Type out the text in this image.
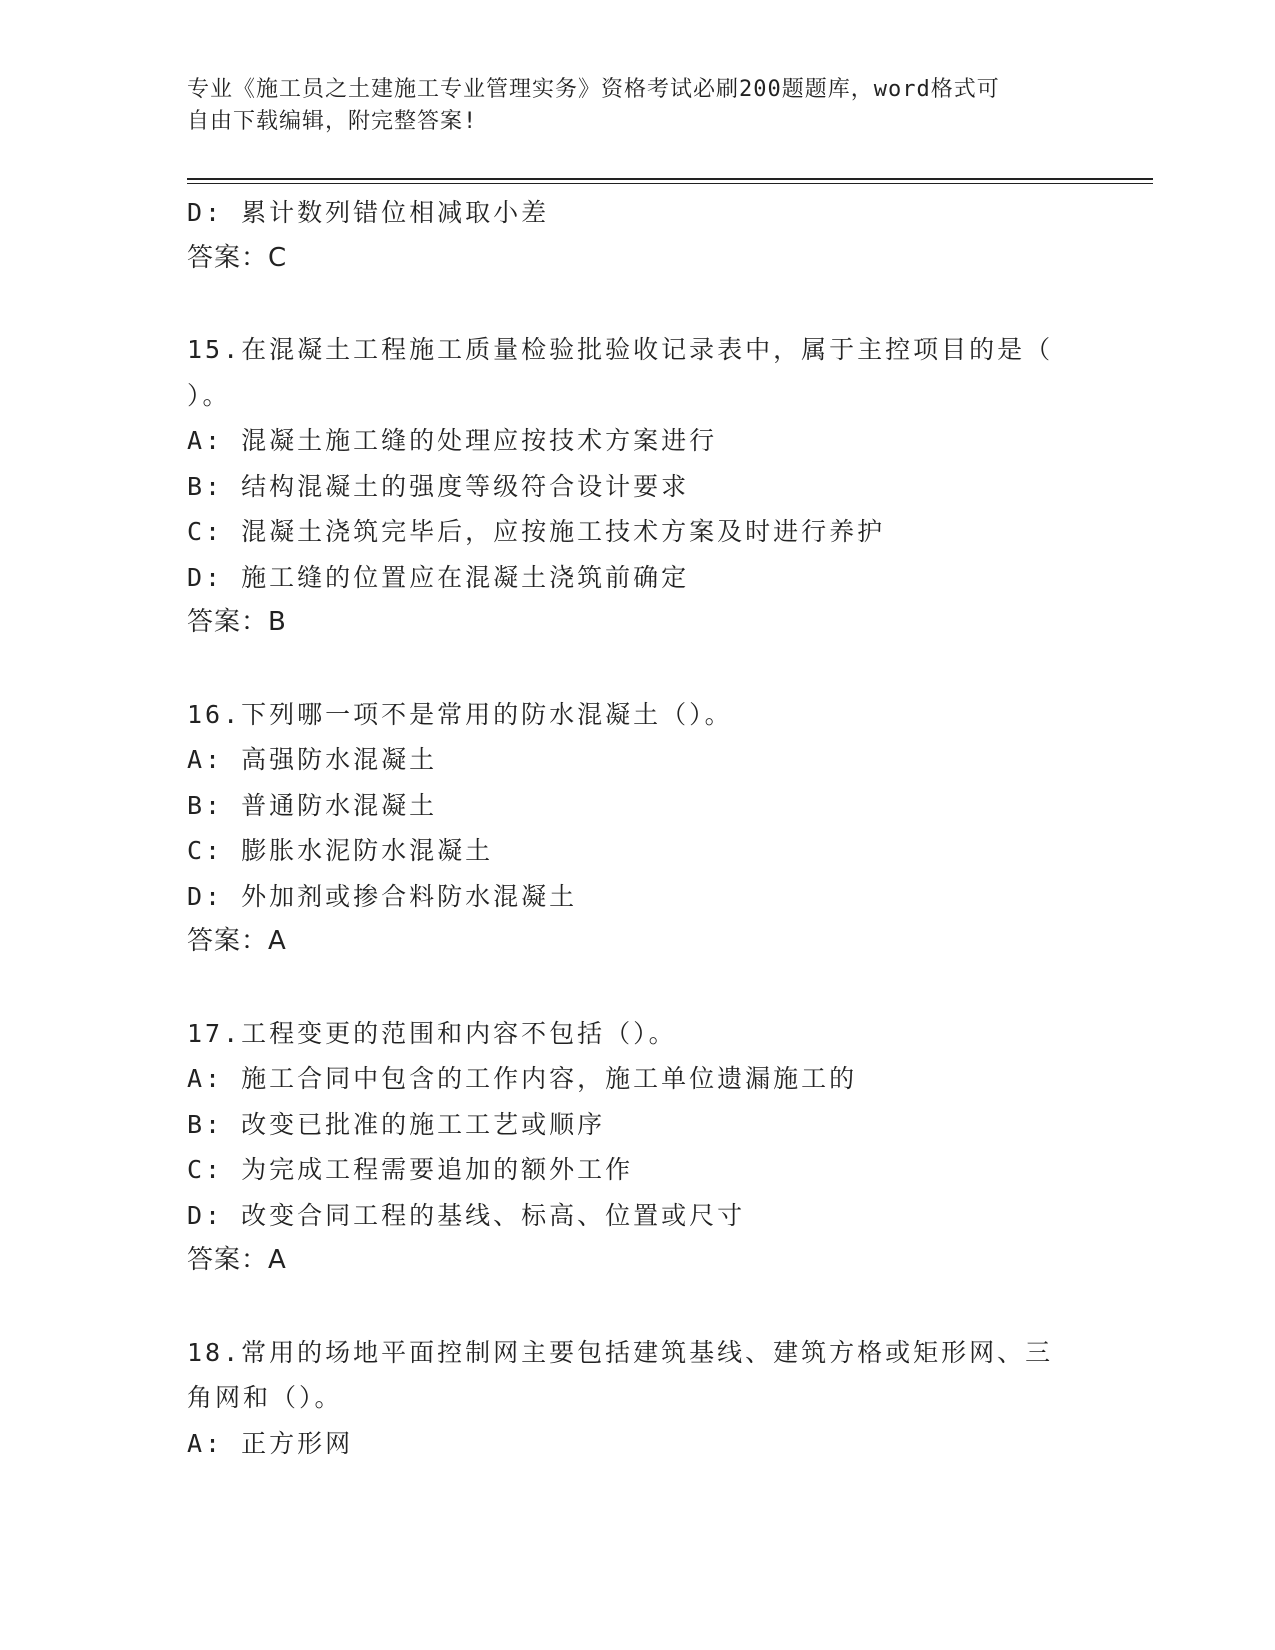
专业《施工员之土建施工专业管理实务》资格考试必刷200题题库，word格式可
自由下载编辑，附完整答案!

D: 累计数列错位相减取小差

答案：C

15.在混凝土工程施工质量检验批验收记录表中，属于主控项目的是（

）。

A: 混凝土施工缝的处理应按技术方案进行

B: 结构混凝土的强度等级符合设计要求

C: 混凝土浇筑完毕后，应按施工技术方案及时进行养护

D: 施工缝的位置应在混凝土浇筑前确定

答案：B

16.下列哪一项不是常用的防水混凝土（）。

A: 高强防水混凝土

B: 普通防水混凝土

C: 膨胀水泥防水混凝土

D: 外加剂或掺合料防水混凝土

答案：A

17.工程变更的范围和内容不包括（）。

A: 施工合同中包含的工作内容，施工单位遗漏施工的

B: 改变已批准的施工工艺或顺序

C: 为完成工程需要追加的额外工作

D: 改变合同工程的基线、标高、位置或尺寸

答案：A

18.常用的场地平面控制网主要包括建筑基线、建筑方格或矩形网、三

角网和（）。

A: 正方形网
